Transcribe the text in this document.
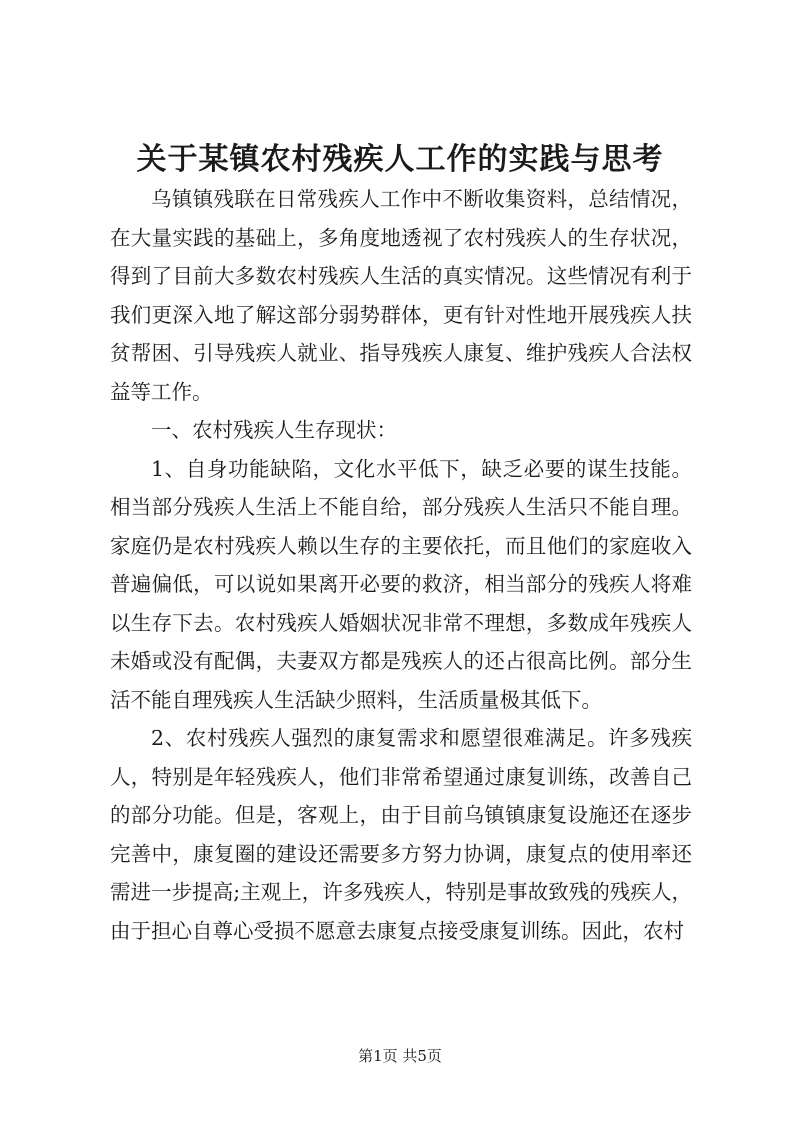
关于某镇农村残疾人工作的实践与思考

乌镇镇残联在日常残疾人工作中不断收集资料，总结情况，在大量实践的基础上，多角度地透视了农村残疾人的生存状况，得到了目前大多数农村残疾人生活的真实情况。这些情况有利于我们更深入地了解这部分弱势群体，更有针对性地开展残疾人扶贫帮困、引导残疾人就业、指导残疾人康复、维护残疾人合法权益等工作。

一、农村残疾人生存现状：

1、自身功能缺陷，文化水平低下，缺乏必要的谋生技能。相当部分残疾人生活上不能自给，部分残疾人生活只不能自理。家庭仍是农村残疾人赖以生存的主要依托，而且他们的家庭收入普遍偏低，可以说如果离开必要的救济，相当部分的残疾人将难以生存下去。农村残疾人婚姻状况非常不理想，多数成年残疾人未婚或没有配偶，夫妻双方都是残疾人的还占很高比例。部分生活不能自理残疾人生活缺少照料，生活质量极其低下。

2、农村残疾人强烈的康复需求和愿望很难满足。许多残疾人，特别是年轻残疾人，他们非常希望通过康复训练，改善自己的部分功能。但是，客观上，由于目前乌镇镇康复设施还在逐步完善中，康复圈的建设还需要多方努力协调，康复点的使用率还需进一步提高;主观上，许多残疾人，特别是事故致残的残疾人，由于担心自尊心受损不愿意去康复点接受康复训练。因此，农村

第1页 共5页
